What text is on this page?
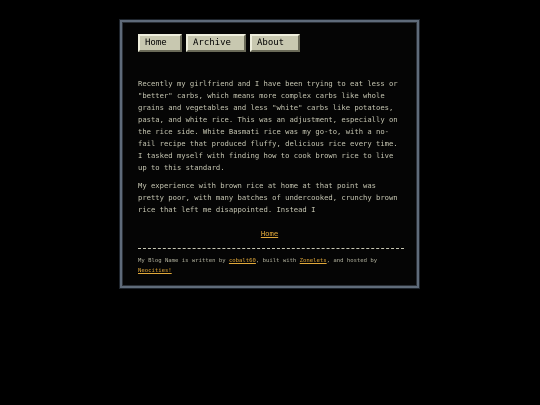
Home	Archive	About

Recently my girlfriend and I have been trying to eat less or "better" carbs, which means more complex carbs like whole grains and vegetables and less "white" carbs like potatoes, pasta, and white rice. This was an adjustment, especially on the rice side. White Basmati rice was my go-to, with a no-fail recipe that produced fluffy, delicious rice every time. I tasked myself with finding how to cook brown rice to live up to this standard.

My experience with brown rice at home at that point was pretty poor, with many batches of undercooked, crunchy brown rice that left me disappointed. Instead I

Home
My Blog Name is written by cobalt60, built with Zonelets, and hosted by Neocities!
